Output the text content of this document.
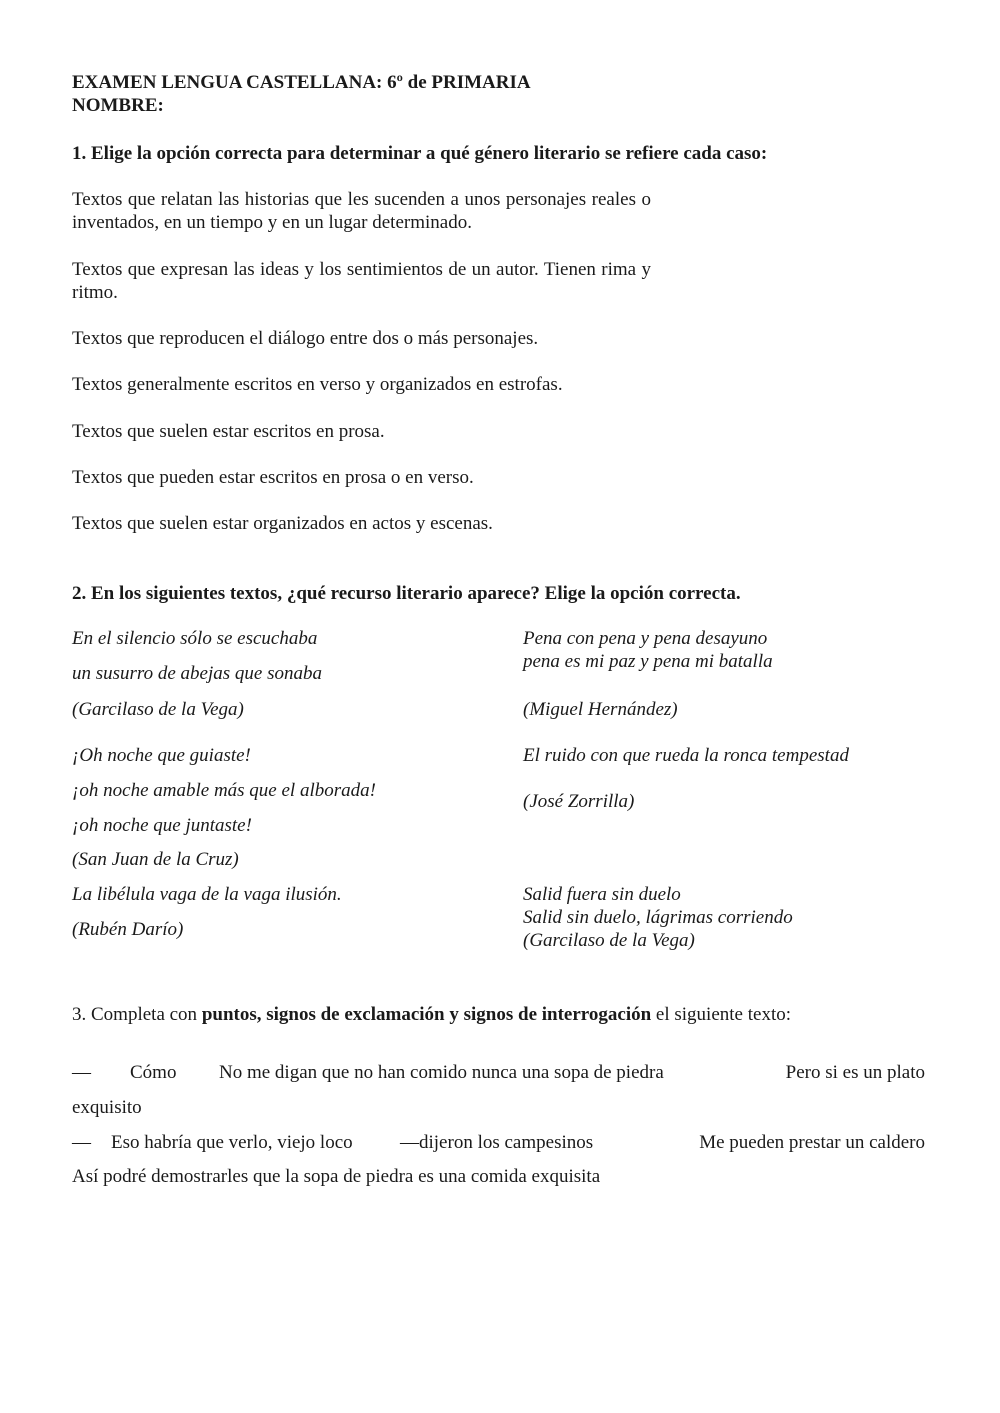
EXAMEN LENGUA CASTELLANA: 6º de PRIMARIA
NOMBRE:
1. Elige la opción correcta para determinar a qué género literario se refiere cada caso:
Textos que relatan las historias que les sucenden a unos personajes reales o inventados, en un tiempo y en un lugar determinado.
Textos que expresan las ideas y los sentimientos de un autor. Tienen rima y ritmo.
Textos que reproducen el diálogo entre dos o más personajes.
Textos generalmente escritos en verso y organizados en estrofas.
Textos que suelen estar escritos en prosa.
Textos que pueden estar escritos en prosa o en verso.
Textos que suelen estar organizados en actos y escenas.
2. En los siguientes textos, ¿qué recurso literario aparece? Elige la opción correcta.
En el silencio sólo se escuchaba
un susurro de abejas que sonaba
(Garcilaso de la Vega)
¡Oh noche que guiaste!
¡oh noche amable más que el alborada!
¡oh noche que juntaste!
(San Juan de la Cruz)
La libélula vaga de la vaga ilusión.
(Rubén Darío)
Pena con pena y pena desayuno
pena es mi paz y pena mi batalla
(Miguel Hernández)
El ruido con que rueda la ronca tempestad
(José Zorrilla)
Salid fuera sin duelo
Salid sin duelo, lágrimas corriendo
(Garcilaso de la Vega)
3. Completa con puntos, signos de exclamación y signos de interrogación el siguiente texto:
— Cómo No me digan que no han comido nunca una sopa de piedra	Pero si es un plato
exquisito
— Eso habría que verlo, viejo loco —dijeron los campesinos	Me pueden prestar un caldero
Así podré demostrarles que la sopa de piedra es una comida exquisita
